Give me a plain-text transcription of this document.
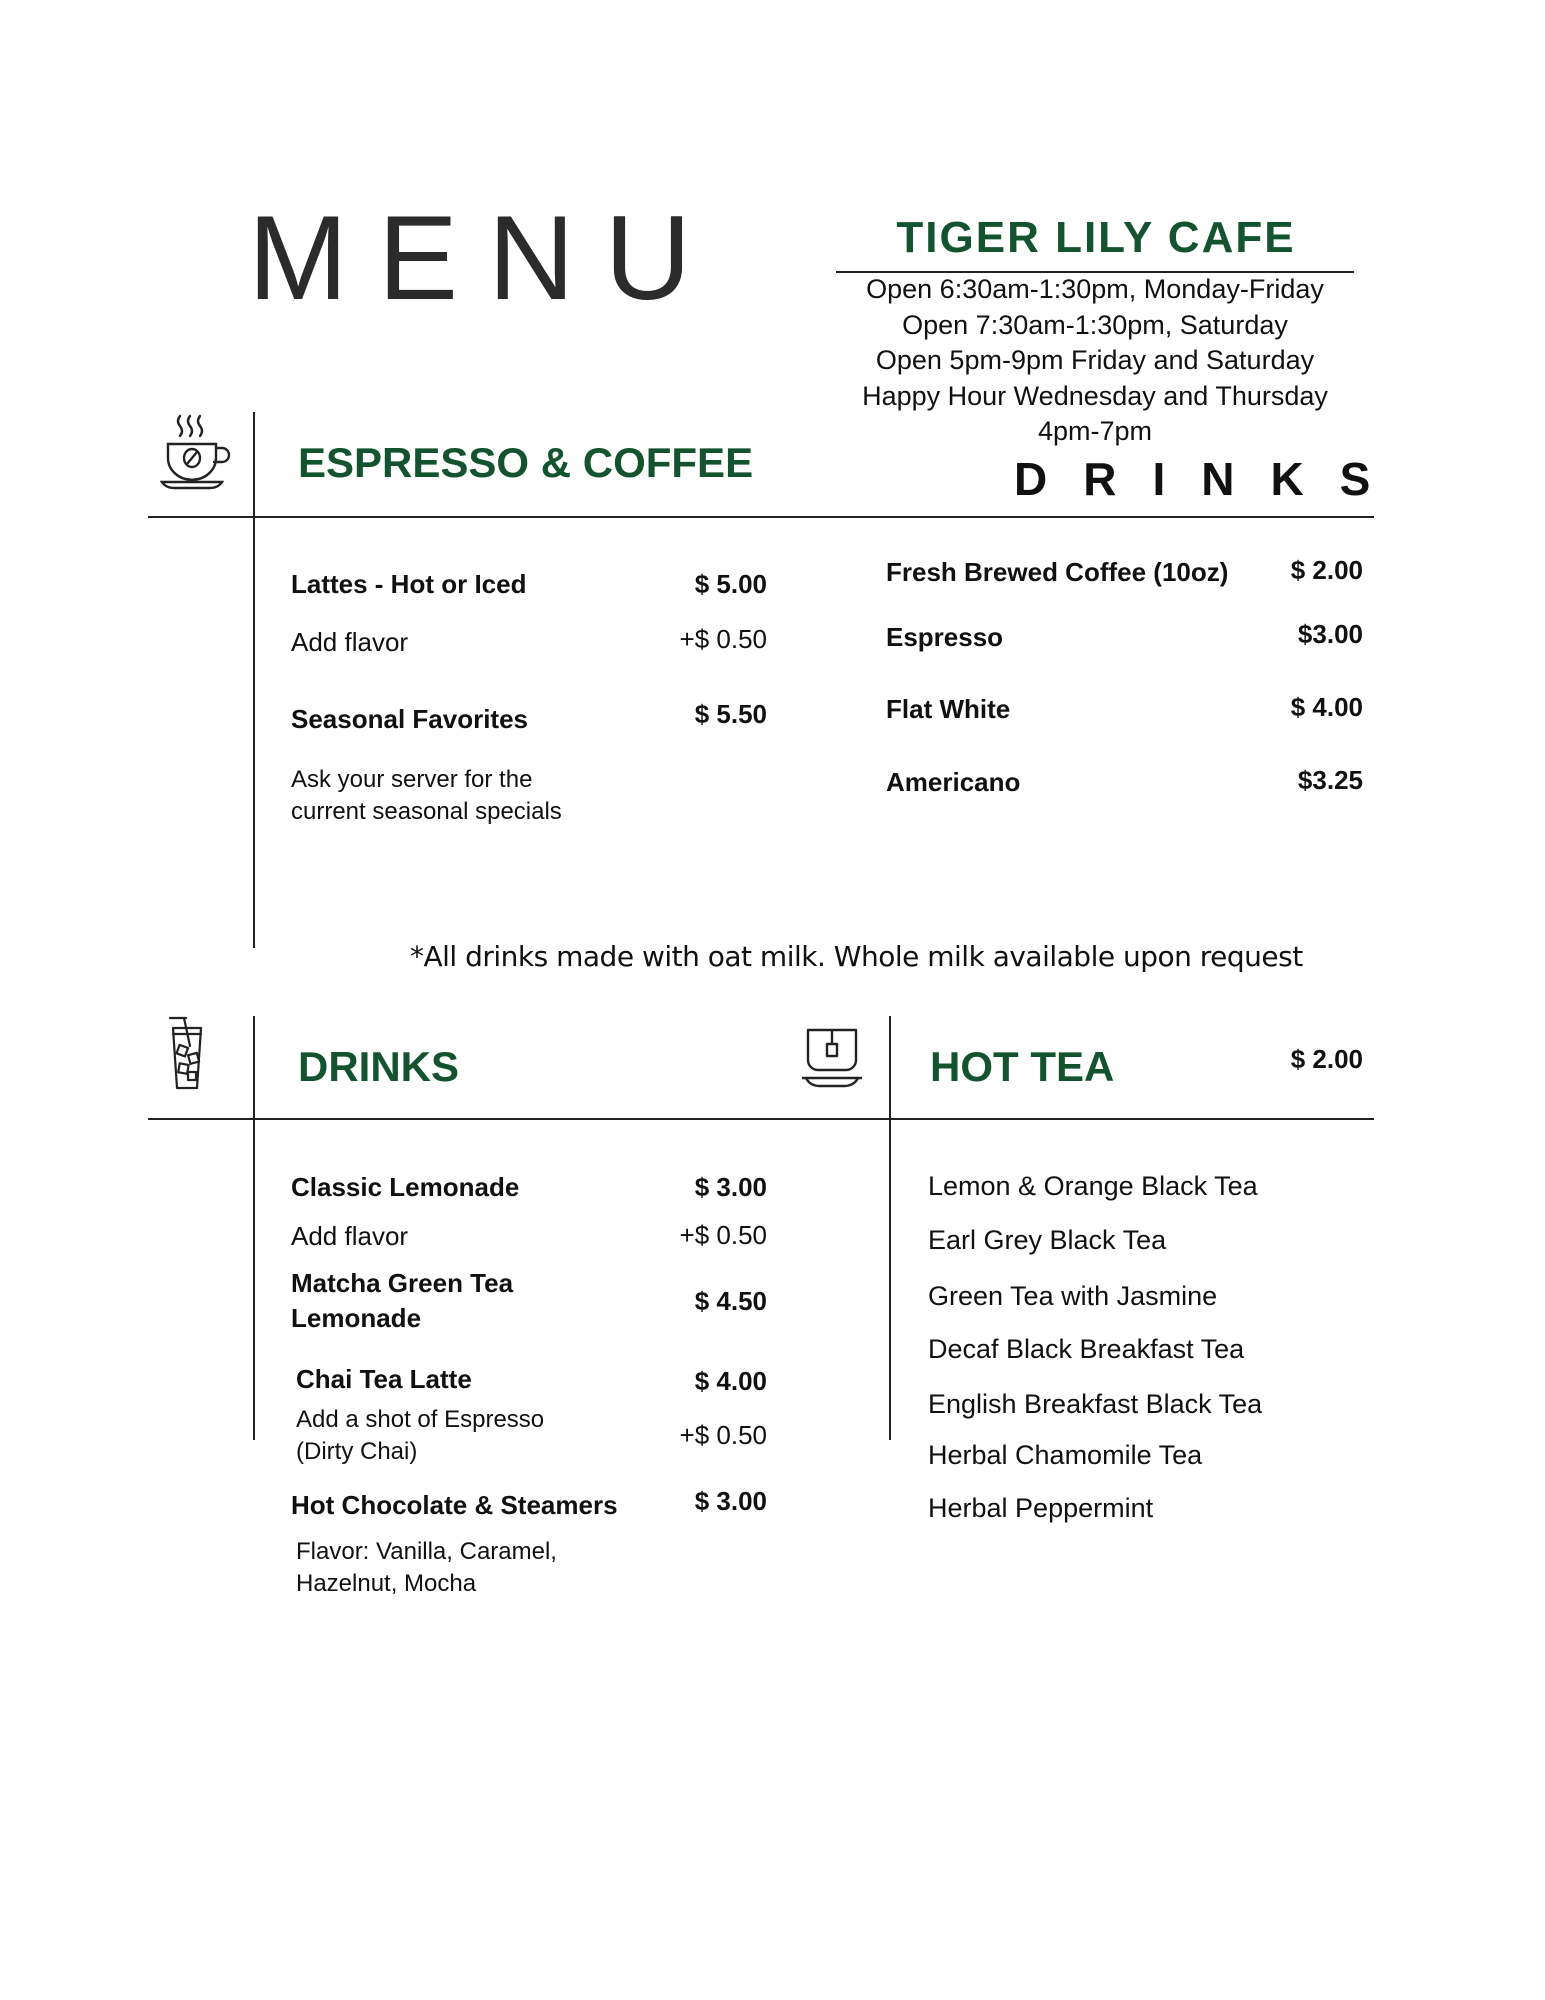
MENU	TIGER LILY CAFE
Open 6:30am-1:30pm, Monday-Friday
Open 7:30am-1:30pm, Saturday
Open 5pm-9pm Friday and Saturday
Happy Hour Wednesday and Thursday
4pm-7pm
DRINKS
ESPRESSO & COFFEE
Lattes - Hot or Iced	$ 5.00
Add flavor	+$ 0.50
Seasonal Favorites	$ 5.50
Ask your server for the
current seasonal specials
Fresh Brewed Coffee (10oz)	$ 2.00
Espresso	$3.00
Flat White	$ 4.00
Americano	$3.25
*All drinks made with oat milk. Whole milk available upon request
DRINKS	HOT TEA	$ 2.00
Classic Lemonade	$ 3.00
Add flavor	+$ 0.50
Matcha Green Tea
Lemonade
$ 4.50
Chai Tea Latte	$ 4.00
Add a shot of Espresso
(Dirty Chai)
+$ 0.50
Hot Chocolate & Steamers	$ 3.00
Flavor: Vanilla, Caramel,
Hazelnut, Mocha
Lemon & Orange Black Tea
Earl Grey Black Tea
Green Tea with Jasmine
Decaf Black Breakfast Tea
English Breakfast Black Tea
Herbal Chamomile Tea
Herbal Peppermint
